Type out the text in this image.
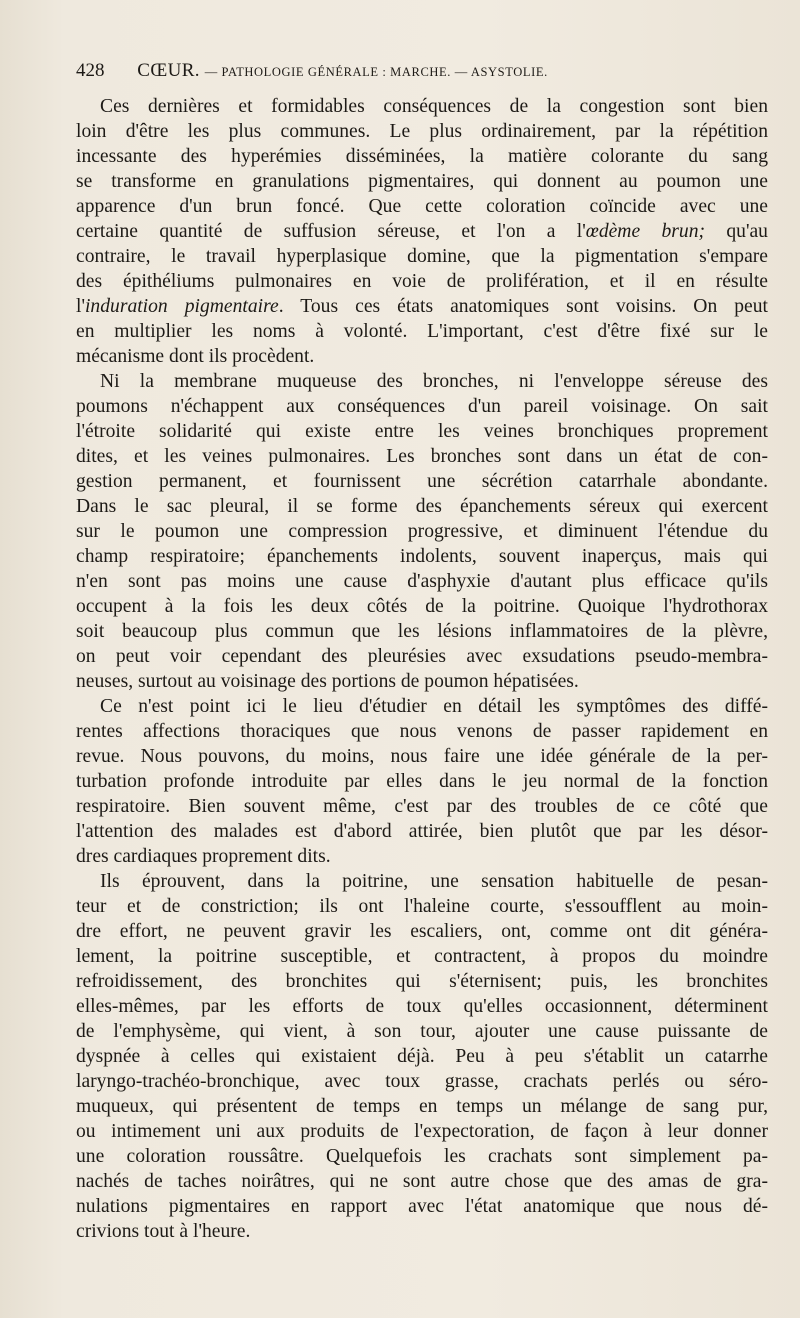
428 CŒUR. — PATHOLOGIE GÉNÉRALE : MARCHE. — ASYSTOLIE.
Ces dernières et formidables conséquences de la congestion sont bien
loin d'être les plus communes. Le plus ordinairement, par la répétition
incessante des hyperémies disséminées, la matière colorante du sang
se transforme en granulations pigmentaires, qui donnent au poumon une
apparence d'un brun foncé. Que cette coloration coïncide avec une
certaine quantité de suffusion séreuse, et l'on a l'œdème brun; qu'au
contraire, le travail hyperplasique domine, que la pigmentation s'empare
des épithéliums pulmonaires en voie de prolifération, et il en résulte
l'induration pigmentaire. Tous ces états anatomiques sont voisins. On peut
en multiplier les noms à volonté. L'important, c'est d'être fixé sur le
mécanisme dont ils procèdent.
Ni la membrane muqueuse des bronches, ni l'enveloppe séreuse des
poumons n'échappent aux conséquences d'un pareil voisinage. On sait
l'étroite solidarité qui existe entre les veines bronchiques proprement
dites, et les veines pulmonaires. Les bronches sont dans un état de con-
gestion permanent, et fournissent une sécrétion catarrhale abondante.
Dans le sac pleural, il se forme des épanchements séreux qui exercent
sur le poumon une compression progressive, et diminuent l'étendue du
champ respiratoire; épanchements indolents, souvent inaperçus, mais qui
n'en sont pas moins une cause d'asphyxie d'autant plus efficace qu'ils
occupent à la fois les deux côtés de la poitrine. Quoique l'hydrothorax
soit beaucoup plus commun que les lésions inflammatoires de la plèvre,
on peut voir cependant des pleurésies avec exsudations pseudo-membra-
neuses, surtout au voisinage des portions de poumon hépatisées.
Ce n'est point ici le lieu d'étudier en détail les symptômes des diffé-
rentes affections thoraciques que nous venons de passer rapidement en
revue. Nous pouvons, du moins, nous faire une idée générale de la per-
turbation profonde introduite par elles dans le jeu normal de la fonction
respiratoire. Bien souvent même, c'est par des troubles de ce côté que
l'attention des malades est d'abord attirée, bien plutôt que par les désor-
dres cardiaques proprement dits.
Ils éprouvent, dans la poitrine, une sensation habituelle de pesan-
teur et de constriction; ils ont l'haleine courte, s'essoufflent au moin-
dre effort, ne peuvent gravir les escaliers, ont, comme ont dit généra-
lement, la poitrine susceptible, et contractent, à propos du moindre
refroidissement, des bronchites qui s'éternisent; puis, les bronchites
elles-mêmes, par les efforts de toux qu'elles occasionnent, déterminent
de l'emphysème, qui vient, à son tour, ajouter une cause puissante de
dyspnée à celles qui existaient déjà. Peu à peu s'établit un catarrhe
laryngo-trachéo-bronchique, avec toux grasse, crachats perlés ou séro-
muqueux, qui présentent de temps en temps un mélange de sang pur,
ou intimement uni aux produits de l'expectoration, de façon à leur donner
une coloration roussâtre. Quelquefois les crachats sont simplement pa-
nachés de taches noirâtres, qui ne sont autre chose que des amas de gra-
nulations pigmentaires en rapport avec l'état anatomique que nous dé-
crivions tout à l'heure.
